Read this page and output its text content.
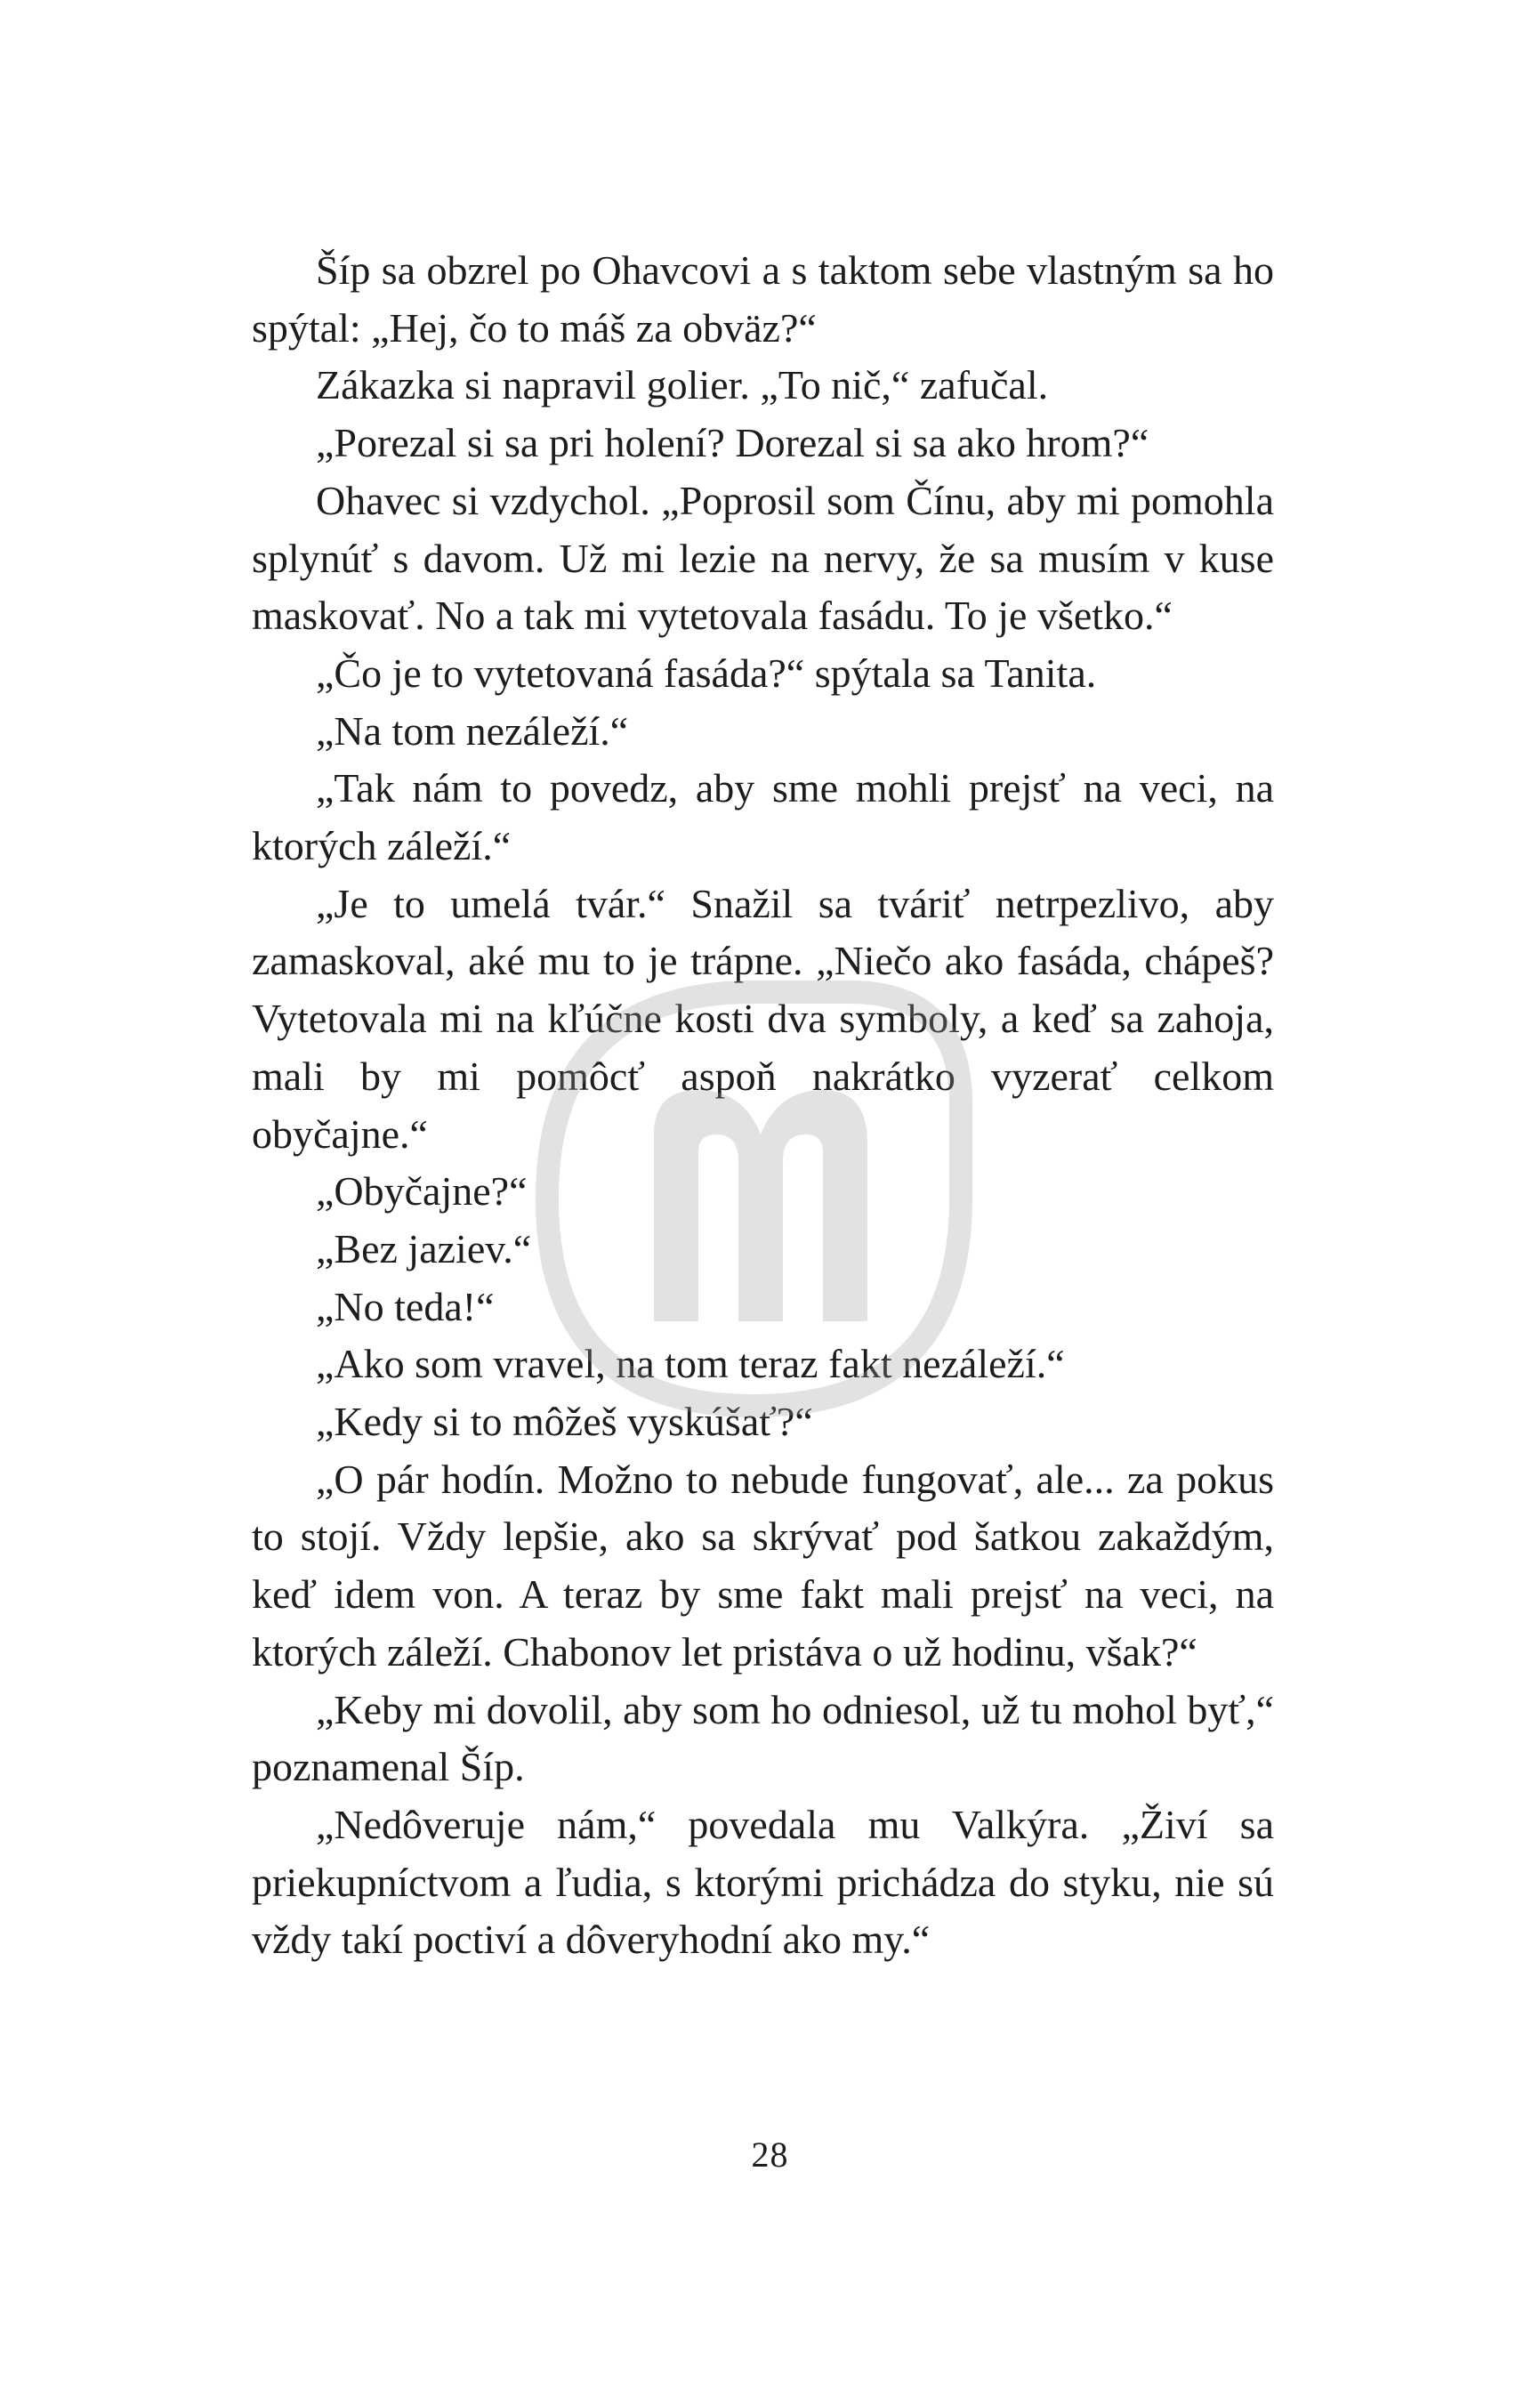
Šíp sa obzrel po Ohavcovi a s taktom sebe vlastným sa ho spýtal: „Hej, čo to máš za obväz?“

Zákazka si napravil golier. „To nič,“ zafučal.

„Porezal si sa pri holení? Dorezal si sa ako hrom?“

Ohavec si vzdychol. „Poprosil som Čínu, aby mi pomohla splynúť s davom. Už mi lezie na nervy, že sa musím v kuse maskovať. No a tak mi vytetovala fasádu. To je všetko.“

„Čo je to vytetovaná fasáda?“ spýtala sa Tanita.

„Na tom nezáleží.“

„Tak nám to povedz, aby sme mohli prejsť na veci, na ktorých záleží.“

„Je to umelá tvár.“ Snažil sa tváriť netrpezlivo, aby zamaskoval, aké mu to je trápne. „Niečo ako fasáda, chápeš? Vytetovala mi na kľúčne kosti dva symboly, a keď sa zahoja, mali by mi pomôcť aspoň nakrátko vyzerať celkom obyčajne.“

„Obyčajne?“

„Bez jaziev.“

„No teda!“

„Ako som vravel, na tom teraz fakt nezáleží.“

„Kedy si to môžeš vyskúšať?“

„O pár hodín. Možno to nebude fungovať, ale... za pokus to stojí. Vždy lepšie, ako sa skrývať pod šatkou zakaždým, keď idem von. A teraz by sme fakt mali prejsť na veci, na ktorých záleží. Chabonov let pristáva o už hodinu, však?“

„Keby mi dovolil, aby som ho odniesol, už tu mohol byť,“ poznamenal Šíp.

„Nedôveruje nám,“ povedala mu Valkýra. „Živí sa priekupníctvom a ľudia, s ktorými prichádza do styku, nie sú vždy takí poctiví a dôveryhodní ako my.“

28
